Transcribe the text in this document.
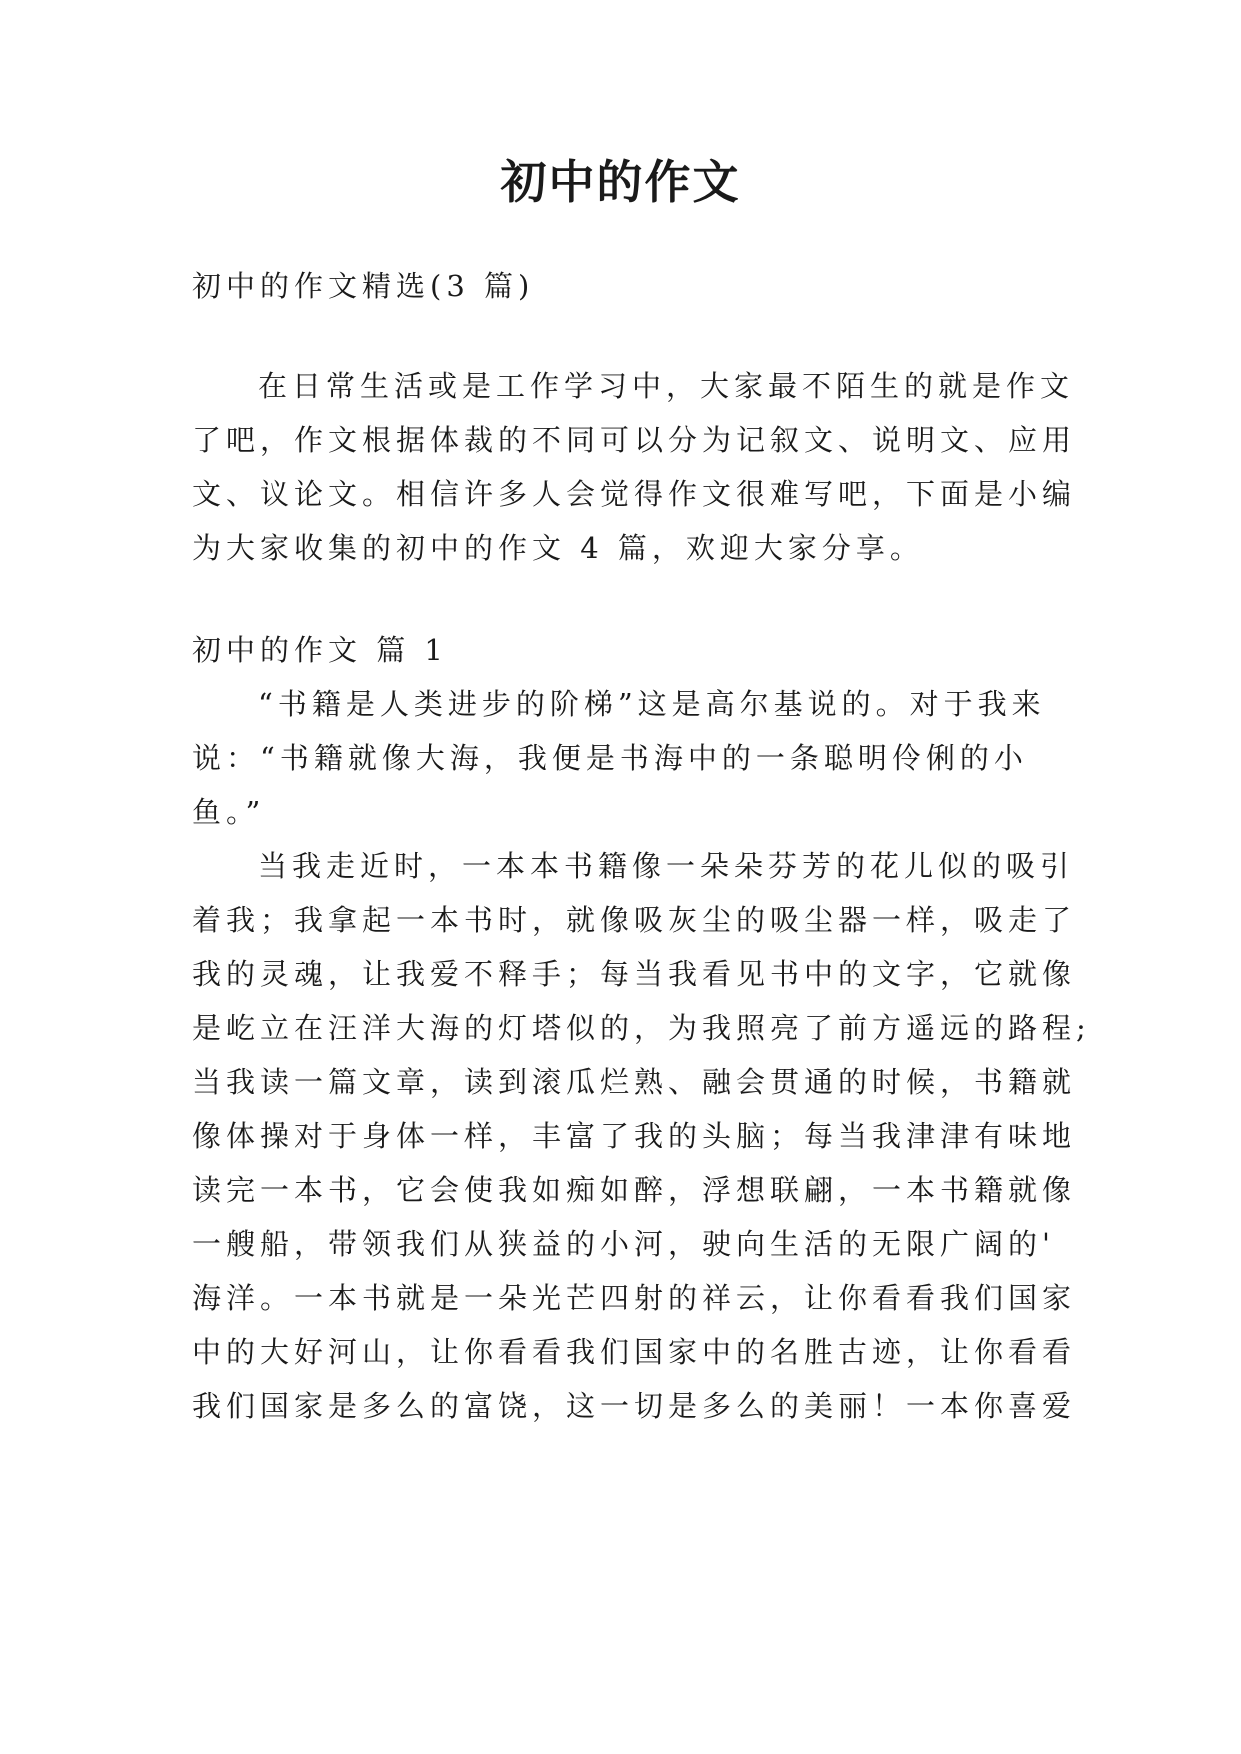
初中的作文

初中的作文精选(3 篇)

在日常生活或是工作学习中，大家最不陌生的就是作文

了吧，作文根据体裁的不同可以分为记叙文、说明文、应用

文、议论文。相信许多人会觉得作文很难写吧，下面是小编

为大家收集的初中的作文 4 篇，欢迎大家分享。

初中的作文 篇 1

“书籍是人类进步的阶梯”这是高尔基说的。对于我来

说：“书籍就像大海，我便是书海中的一条聪明伶俐的小

鱼。”

当我走近时，一本本书籍像一朵朵芬芳的花儿似的吸引

着我；我拿起一本书时，就像吸灰尘的吸尘器一样，吸走了

我的灵魂，让我爱不释手；每当我看见书中的文字，它就像

是屹立在汪洋大海的灯塔似的，为我照亮了前方遥远的路程;

当我读一篇文章，读到滚瓜烂熟、融会贯通的时候，书籍就

像体操对于身体一样，丰富了我的头脑；每当我津津有味地

读完一本书，它会使我如痴如醉，浮想联翩，一本书籍就像

一艘船，带领我们从狭益的小河，驶向生活的无限广阔的'

海洋。一本书就是一朵光芒四射的祥云，让你看看我们国家

中的大好河山，让你看看我们国家中的名胜古迹，让你看看

我们国家是多么的富饶，这一切是多么的美丽！一本你喜爱
